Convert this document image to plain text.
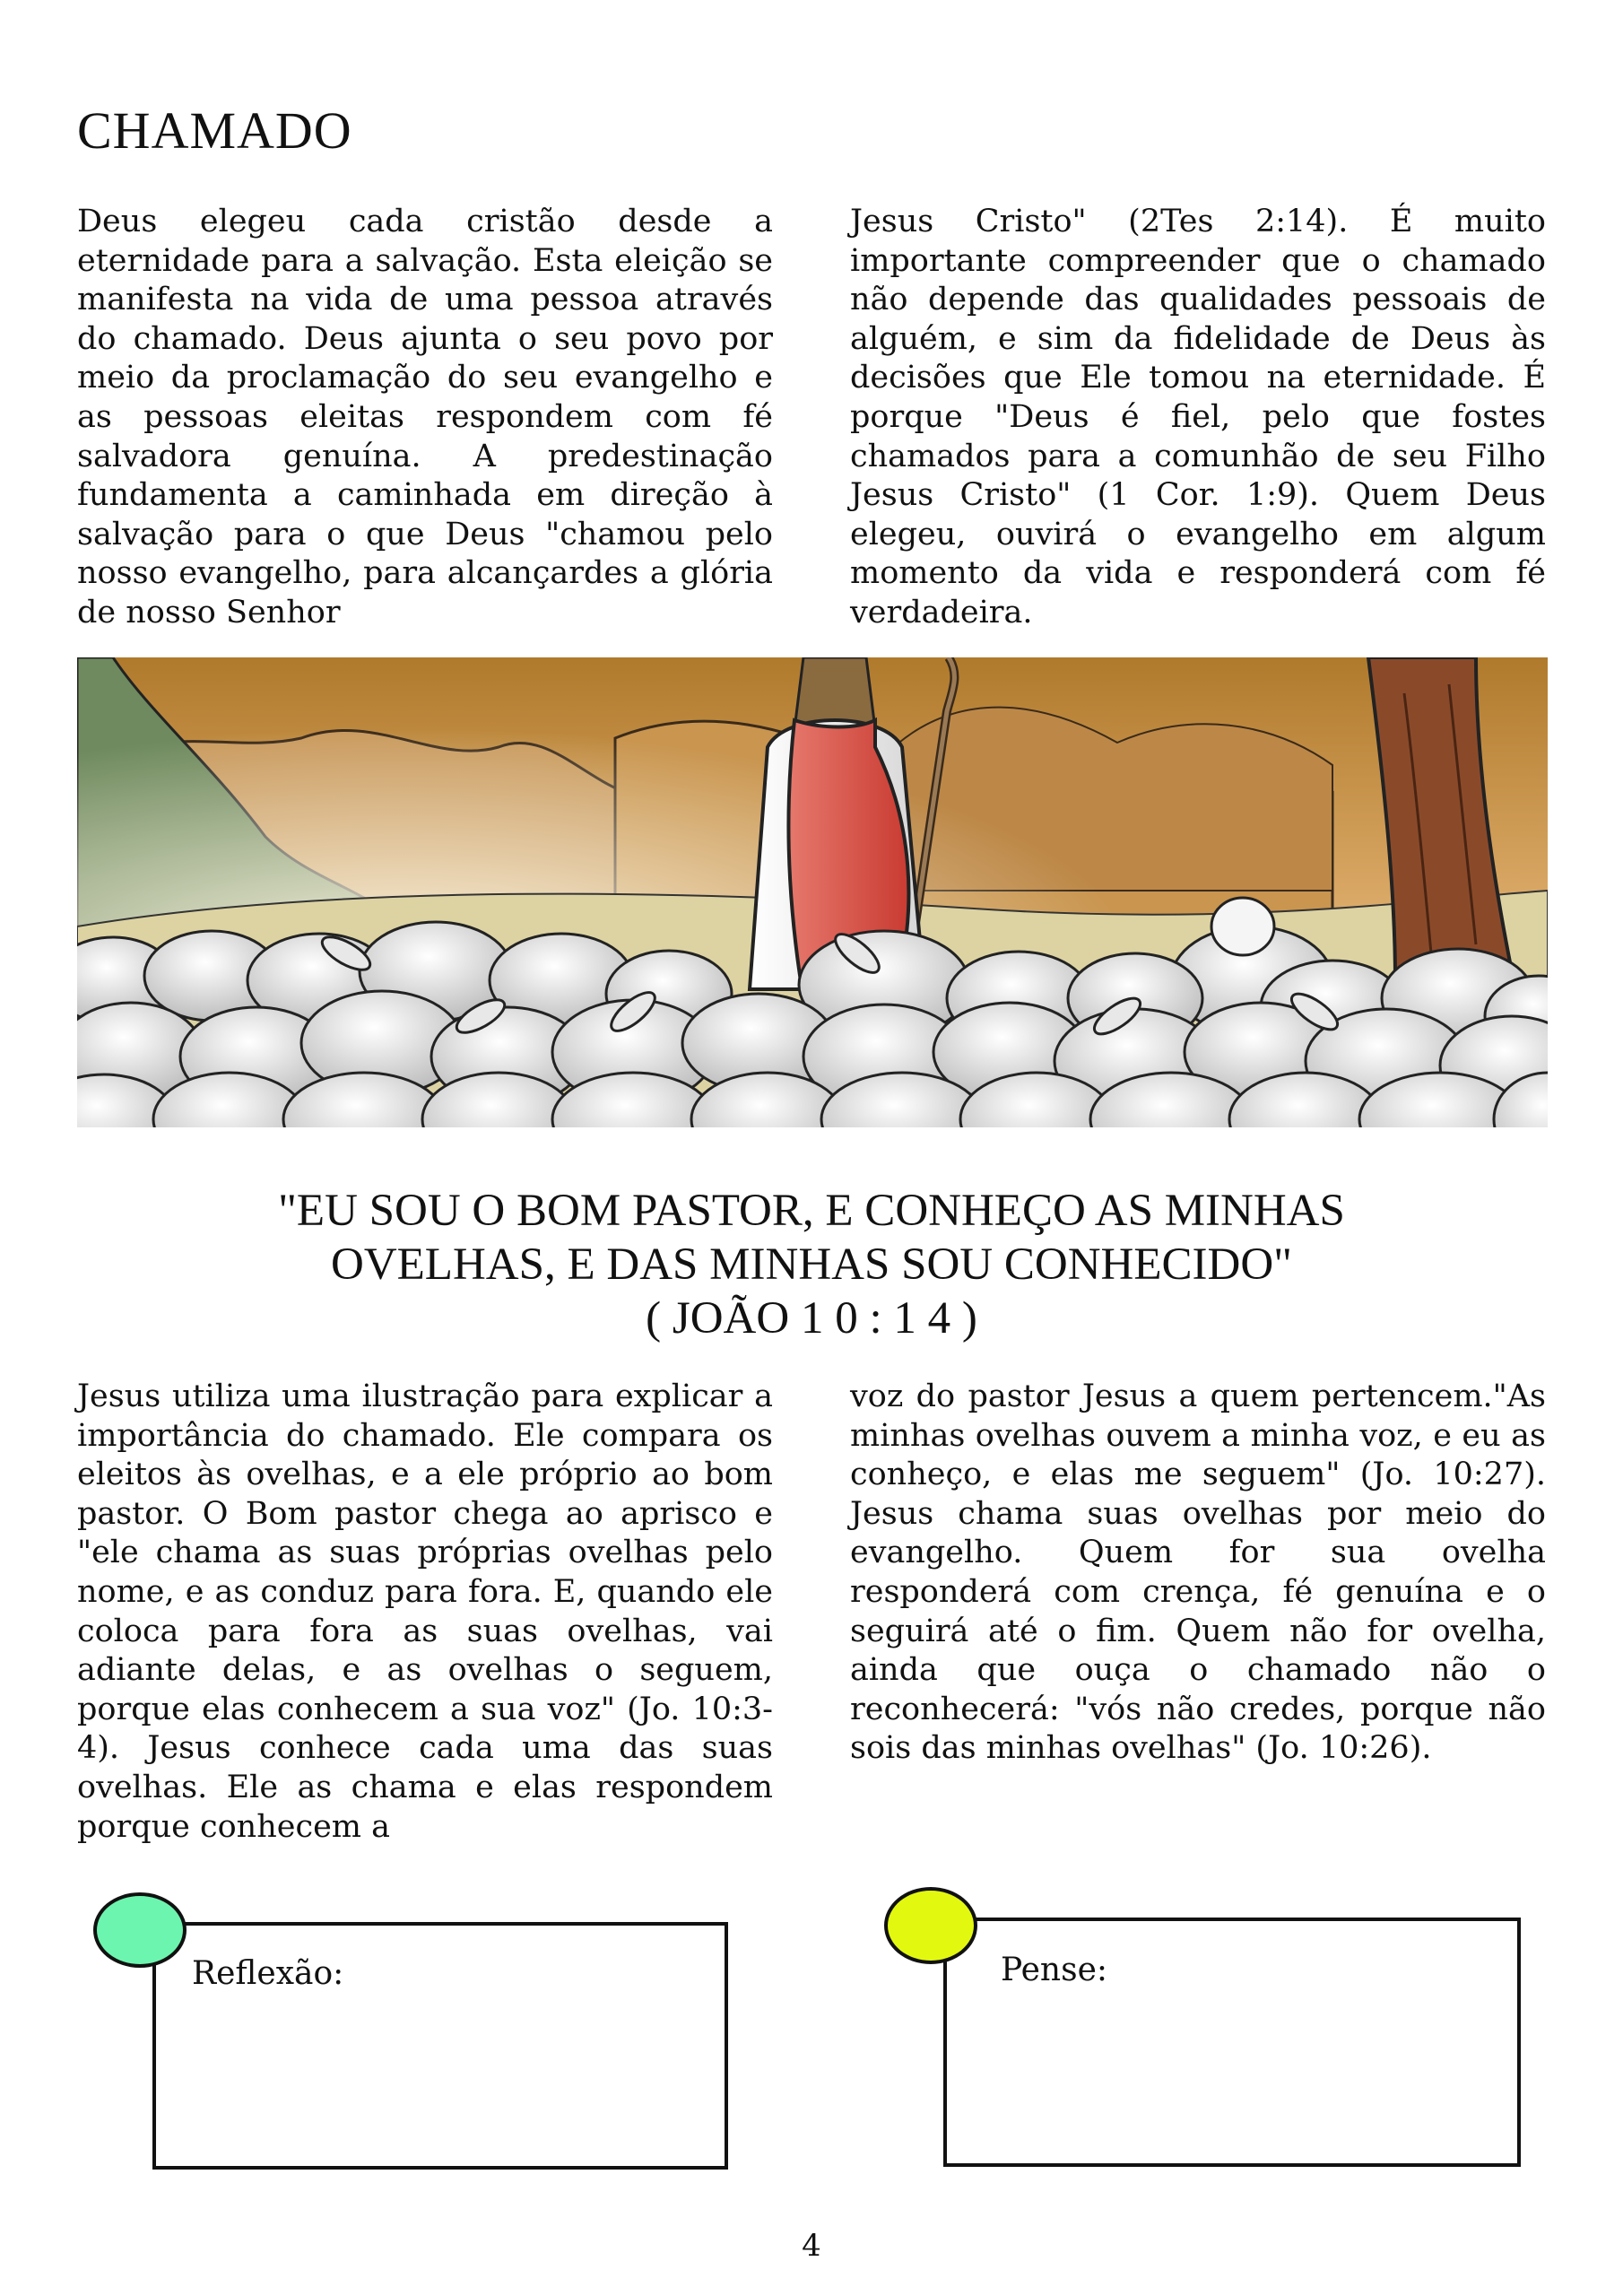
CHAMADO

Deus elegeu cada cristão desde a eternidade para a salvação. Esta eleição se manifesta na vida de uma pessoa através do chamado. Deus ajunta o seu povo por meio da proclamação do seu evangelho e as pessoas eleitas respondem com fé salvadora genuína. A predestinação fundamenta a caminhada em direção à salvação para o que Deus "chamou pelo nosso evangelho, para alcançardes a glória de nosso Senhor

Jesus Cristo" (2Tes 2:14). É muito importante compreender que o chamado não depende das qualidades pessoais de alguém, e sim da fidelidade de Deus às decisões que Ele tomou na eternidade. É porque "Deus é fiel, pelo que fostes chamados para a comunhão de seu Filho Jesus Cristo" (1 Cor. 1:9). Quem Deus elegeu, ouvirá o evangelho em algum momento da vida e responderá com fé verdadeira.

"EU SOU O BOM PASTOR, E CONHEÇO AS MINHAS
OVELHAS, E DAS MINHAS SOU CONHECIDO"
( JOÃO 1 0 : 1 4 )

Jesus utiliza uma ilustração para explicar a importância do chamado. Ele compara os eleitos às ovelhas, e a ele próprio ao bom pastor. O Bom pastor chega ao aprisco e "ele chama as suas próprias ovelhas pelo nome, e as conduz para fora. E, quando ele coloca para fora as suas ovelhas, vai adiante delas, e as ovelhas o seguem, porque elas conhecem a sua voz" (Jo. 10:3-4). Jesus conhece cada uma das suas ovelhas. Ele as chama e elas respondem porque conhecem a

voz do pastor Jesus a quem pertencem."As minhas ovelhas ouvem a minha voz, e eu as conheço, e elas me seguem" (Jo. 10:27). Jesus chama suas ovelhas por meio do evangelho. Quem for sua ovelha responderá com crença, fé genuína e o seguirá até o fim. Quem não for ovelha, ainda que ouça o chamado não o reconhecerá: "vós não credes, porque não sois das minhas ovelhas" (Jo. 10:26).

Reflexão:	Pense:
4
